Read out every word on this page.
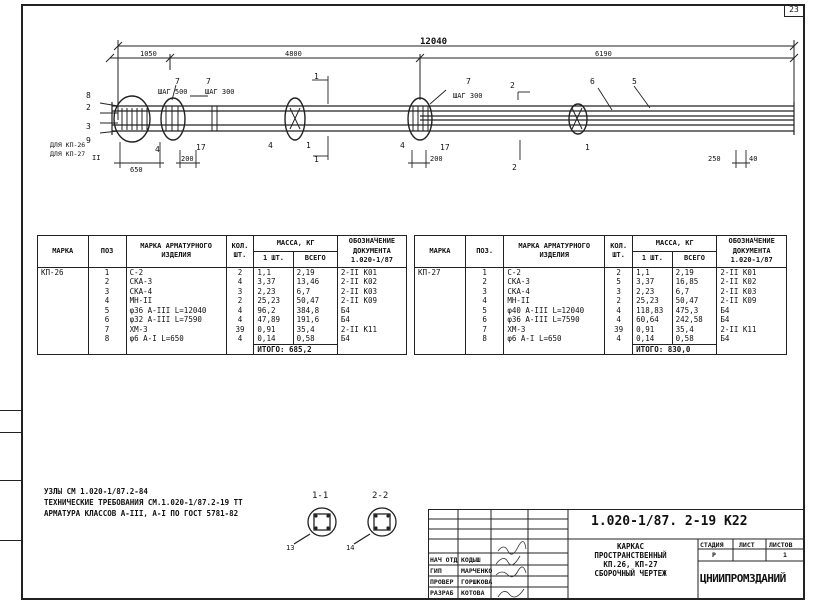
23
12040
1050	4800	6190
8
2
3
9
7	7
ШАГ 500 ШАГ 300	ШАГ 300
4	17	4	1	4	17
7	6	5
1
II
1
1
2
2
ДЛЯ КП-26
ДЛЯ КП-27
650
200	200	250	40
МАРКА	ПОЗ	МАРКА АРМАТУРНОГО ИЗДЕЛИЯ	КОЛ. ШТ.	МАССА, КГ		ОБОЗНАЧЕНИЕ ДОКУМЕНТА 1.020-1/87
				1 ШТ.	ВСЕГО	
КП-26	1	С-2	2	1,1	2,19	2-II К01
	2	СКА-3	4	3,37	13,46	2-II К02
	3	СКА-4	3	2,23	6,7	2-II К03
	4	МН-II	2	25,23	50,47	2-II К09
	5	φ36 А-III L=12040	4	96,2	384,8	Б4
	6	φ32 А-III L=7590	4	47,89	191,6	Б4
	7	ХМ-3	39	0,91	35,4	2-II К11
	8	φ6 А-I L=650	4	0,14	0,58	Б4
				ИТОГО: 685,2		
МАРКА	ПОЗ.	МАРКА АРМАТУРНОГО ИЗДЕЛИЯ	КОЛ. ШТ.	МАССА, КГ		ОБОЗНАЧЕНИЕ ДОКУМЕНТА 1.020-1/87
				1 ШТ.	ВСЕГО	
КП-27	1	С-2	2	1,1	2,19	2-II К01
	2	СКА-3	5	3,37	16,85	2-II К02
	3	СКА-4	3	2,23	6,7	2-II К03
	4	МН-II	2	25,23	50,47	2-II К09
	5	φ40 А-III L=12040	4	118,83	475,3	Б4
	6	φ36 А-III L=7590	4	60,64	242,58	Б4
	7	ХМ-3	39	0,91	35,4	2-II К11
	8	φ6 А-I L=650	4	0,14	0,58	Б4
				ИТОГО: 830,0		
УЗЛЫ СМ 1.020-1/87.2-84
ТЕХНИЧЕСКИЕ ТРЕБОВАНИЯ СМ.1.020-1/87.2-19 ТТ
АРМАТУРА КЛАССОВ А-III, А-I ПО ГОСТ 5781-82
1-1	2-2
13	14
1.020-1/87. 2-19 К22
КАРКАС
ПРОСТРАНСТВЕННЫЙ
КП.26, КП-27
СБОРОЧНЫЙ ЧЕРТЕЖ
НАЧ ОТД КОДЫШ
ГИП	МАРЧЕНКО
ПРОВЕР ГОРШКОВА
РАЗРАБ КОТОВА
СТАДИЯ ЛИСТ ЛИСТОВ
Р	1
ЦНИИПРОМЗДАНИЙ
